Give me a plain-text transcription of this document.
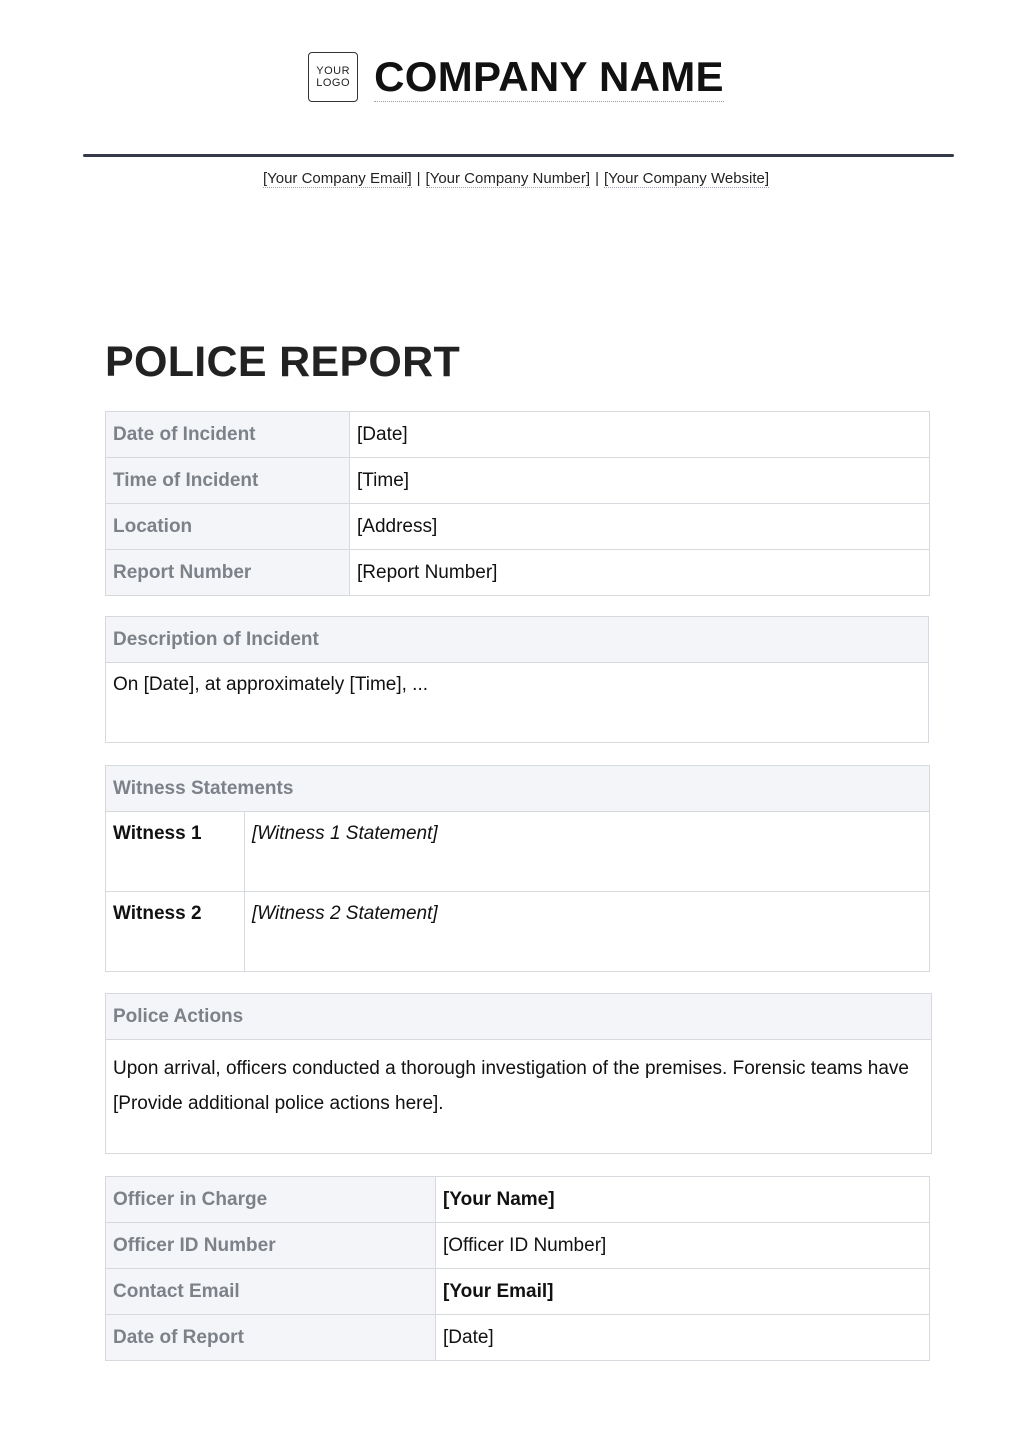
YOUR
LOGO COMPANY NAME
[Your Company Email] | [Your Company Number] | [Your Company Website]
POLICE REPORT
Date of Incident	[Date]
Time of Incident	[Time]
Location	[Address]
Report Number	[Report Number]
Description of Incident
On [Date], at approximately [Time], ...
Witness Statements	
Witness 1	[Witness 1 Statement]
Witness 2	[Witness 2 Statement]
Police Actions
Upon arrival, officers conducted a thorough investigation of the premises. Forensic teams have [Provide additional police actions here].
Officer in Charge	[Your Name]
Officer ID Number	[Officer ID Number]
Contact Email	[Your Email]
Date of Report	[Date]
